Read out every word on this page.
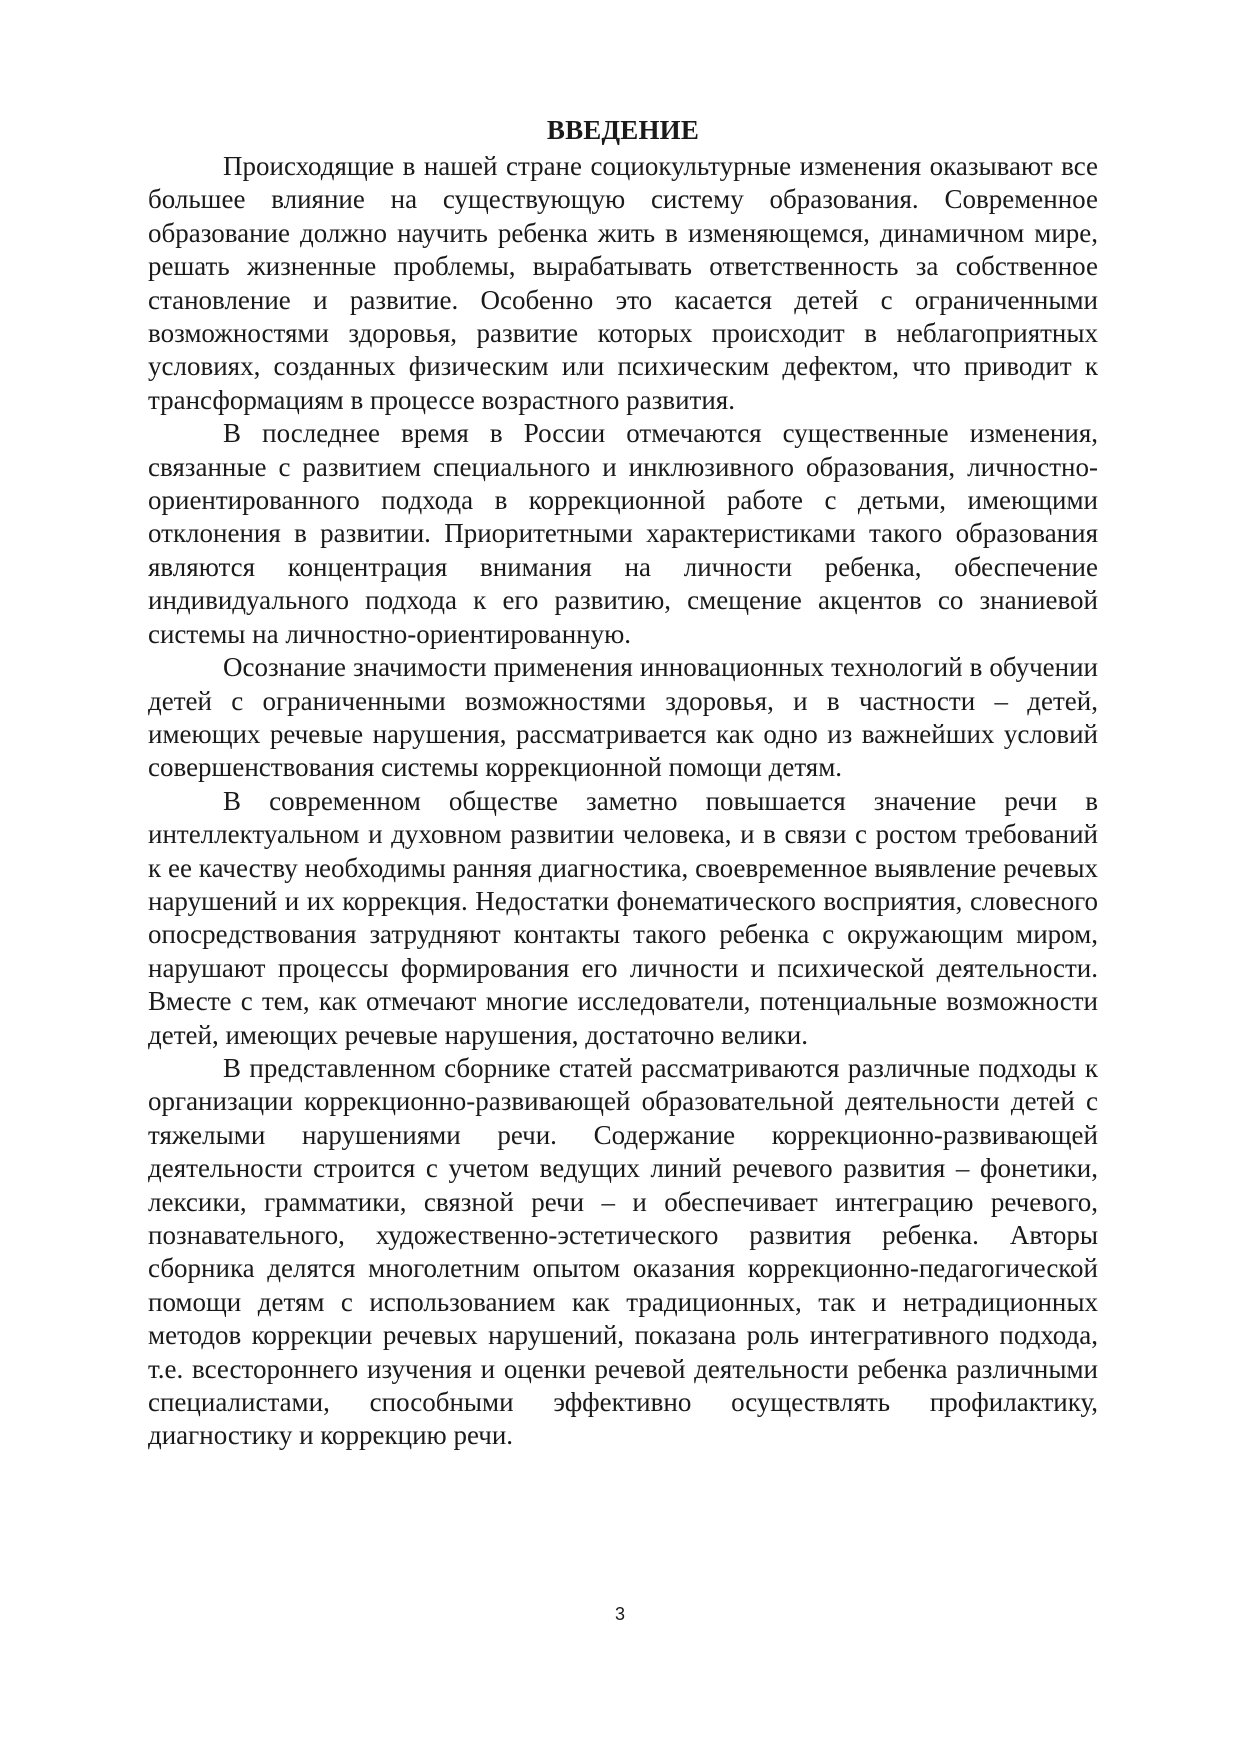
ВВЕДЕНИЕ

Происходящие в нашей стране социокультурные изменения оказывают все большее влияние на существующую систему образования. Современное образование должно научить ребенка жить в изменяющемся, динамичном мире, решать жизненные проблемы, вырабатывать ответственность за собственное становление и развитие. Особенно это касается детей с ограниченными возможностями здоровья, развитие которых происходит в неблагоприятных условиях, созданных физическим или психическим дефектом, что приводит к трансформациям в процессе возрастного развития.

В последнее время в России отмечаются существенные изменения, связанные с развитием специального и инклюзивного образования, личностно-ориентированного подхода в коррекционной работе с детьми, имеющими отклонения в развитии. Приоритетными характеристиками такого образования являются концентрация внимания на личности ребенка, обеспечение индивидуального подхода к его развитию, смещение акцентов со знаниевой системы на личностно-ориентированную.

Осознание значимости применения инновационных технологий в обучении детей с ограниченными возможностями здоровья, и в частности – детей, имеющих речевые нарушения, рассматривается как одно из важнейших условий совершенствования системы коррекционной помощи детям.

В современном обществе заметно повышается значение речи в интеллектуальном и духовном развитии человека, и в связи с ростом требований к ее качеству необходимы ранняя диагностика, своевременное выявление речевых нарушений и их коррекция. Недостатки фонематического восприятия, словесного опосредствования затрудняют контакты такого ребенка с окружающим миром, нарушают процессы формирования его личности и психической деятельности. Вместе с тем, как отмечают многие исследователи, потенциальные возможности детей, имеющих речевые нарушения, достаточно велики.

В представленном сборнике статей рассматриваются различные подходы к организации коррекционно-развивающей образовательной деятельности детей с тяжелыми нарушениями речи. Содержание коррекционно-развивающей деятельности строится с учетом ведущих линий речевого развития – фонетики, лексики, грамматики, связной речи – и обеспечивает интеграцию речевого, познавательного, художественно-эстетического развития ребенка. Авторы сборника делятся многолетним опытом оказания коррекционно-педагогической помощи детям с использованием как традиционных, так и нетрадиционных методов коррекции речевых нарушений, показана роль интегративного подхода, т.е. всестороннего изучения и оценки речевой деятельности ребенка различными специалистами, способными эффективно осуществлять профилактику, диагностику и коррекцию речи.

3
